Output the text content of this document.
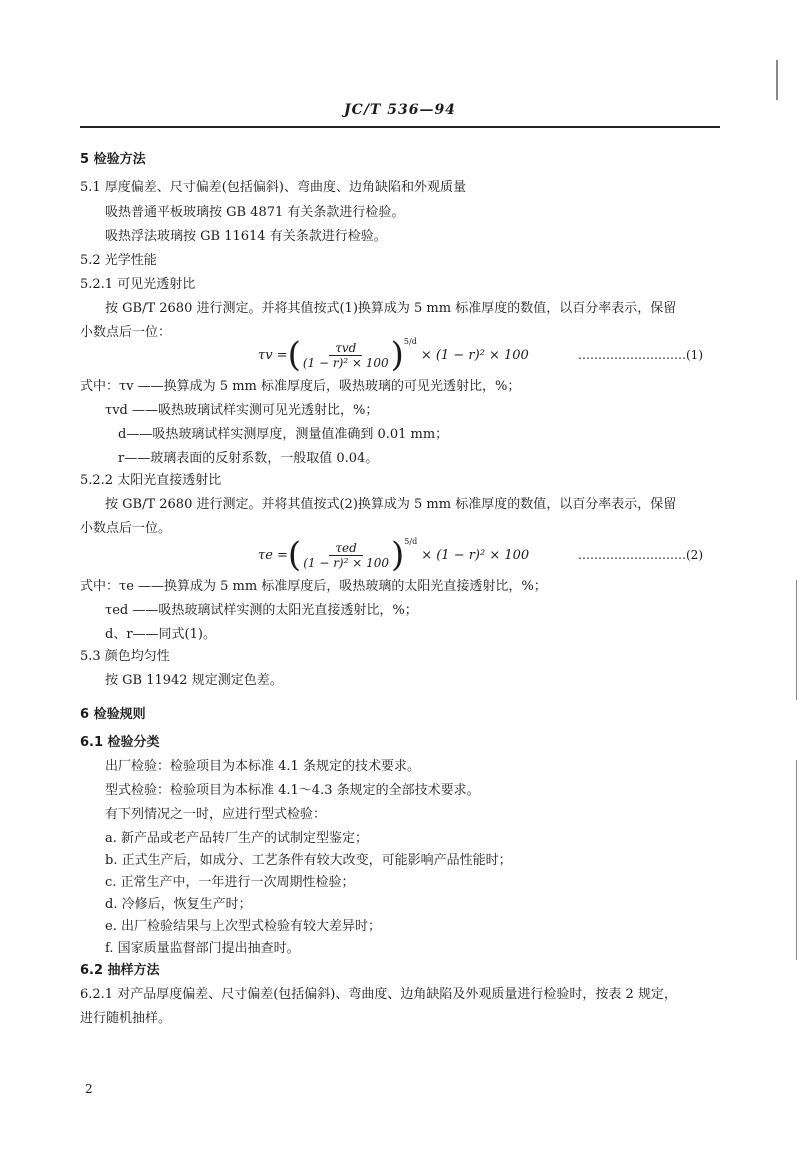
JC/T 536—94
5 检验方法
5.1 厚度偏差、尺寸偏差(包括偏斜)、弯曲度、边角缺陷和外观质量
吸热普通平板玻璃按 GB 4871 有关条款进行检验。
吸热浮法玻璃按 GB 11614 有关条款进行检验。
5.2 光学性能
5.2.1 可见光透射比
按 GB/T 2680 进行测定。并将其值按式(1)换算成为 5 mm 标准厚度的数值，以百分率表示，保留
小数点后一位：
τv = ( $\frac{\text{τvd}}{\text{(1 − r)² × 100}}$ ) 5/d
× (1 − r)² × 100	………………………(1)
式中：τv ——换算成为 5 mm 标准厚度后，吸热玻璃的可见光透射比，%；
τvd ——吸热玻璃试样实测可见光透射比，%；
d——吸热玻璃试样实测厚度，测量值准确到 0.01 mm；
r——玻璃表面的反射系数，一般取值 0.04。
5.2.2 太阳光直接透射比
按 GB/T 2680 进行测定。并将其值按式(2)换算成为 5 mm 标准厚度的数值，以百分率表示，保留
小数点后一位。
τe = ( $\frac{\text{τed}}{\text{(1 − r)² × 100}}$ ) 5/d
× (1 − r)² × 100	………………………(2)
式中：τe ——换算成为 5 mm 标准厚度后，吸热玻璃的太阳光直接透射比，%；
τed ——吸热玻璃试样实测的太阳光直接透射比，%；
d、r——同式(1)。
5.3 颜色均匀性
按 GB 11942 规定测定色差。
6 检验规则
6.1 检验分类
出厂检验：检验项目为本标准 4.1 条规定的技术要求。
型式检验：检验项目为本标准 4.1～4.3 条规定的全部技术要求。
有下列情况之一时，应进行型式检验：
a. 新产品或老产品转厂生产的试制定型鉴定；
b. 正式生产后，如成分、工艺条件有较大改变，可能影响产品性能时；
c. 正常生产中，一年进行一次周期性检验；
d. 冷修后，恢复生产时；
e. 出厂检验结果与上次型式检验有较大差异时；
f. 国家质量监督部门提出抽查时。
6.2 抽样方法
6.2.1 对产品厚度偏差、尺寸偏差(包括偏斜)、弯曲度、边角缺陷及外观质量进行检验时，按表 2 规定，
进行随机抽样。
2
